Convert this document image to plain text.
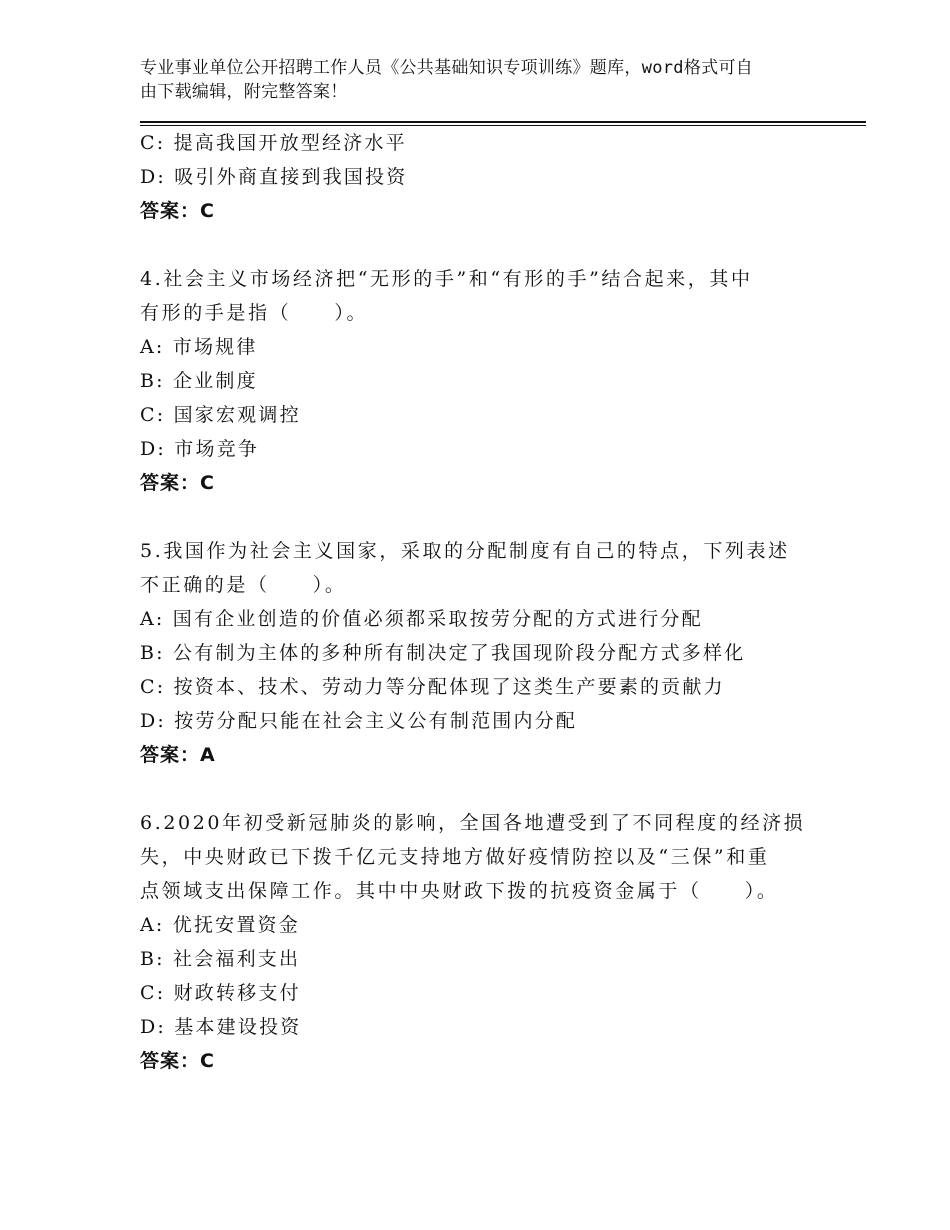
专业事业单位公开招聘工作人员《公共基础知识专项训练》题库，word格式可自
由下载编辑，附完整答案！
C: 提高我国开放型经济水平
D: 吸引外商直接到我国投资
答案：C
4.社会主义市场经济把“无形的手”和“有形的手”结合起来，其中
有形的手是指（　　）。
A: 市场规律
B: 企业制度
C: 国家宏观调控
D: 市场竞争
答案：C
5.我国作为社会主义国家，采取的分配制度有自己的特点，下列表述
不正确的是（　　）。
A: 国有企业创造的价值必须都采取按劳分配的方式进行分配
B: 公有制为主体的多种所有制决定了我国现阶段分配方式多样化
C: 按资本、技术、劳动力等分配体现了这类生产要素的贡献力
D: 按劳分配只能在社会主义公有制范围内分配
答案：A
6.2020年初受新冠肺炎的影响，全国各地遭受到了不同程度的经济损
失，中央财政已下拨千亿元支持地方做好疫情防控以及“三保”和重
点领域支出保障工作。其中中央财政下拨的抗疫资金属于（　　）。
A: 优抚安置资金
B: 社会福利支出
C: 财政转移支付
D: 基本建设投资
答案：C
